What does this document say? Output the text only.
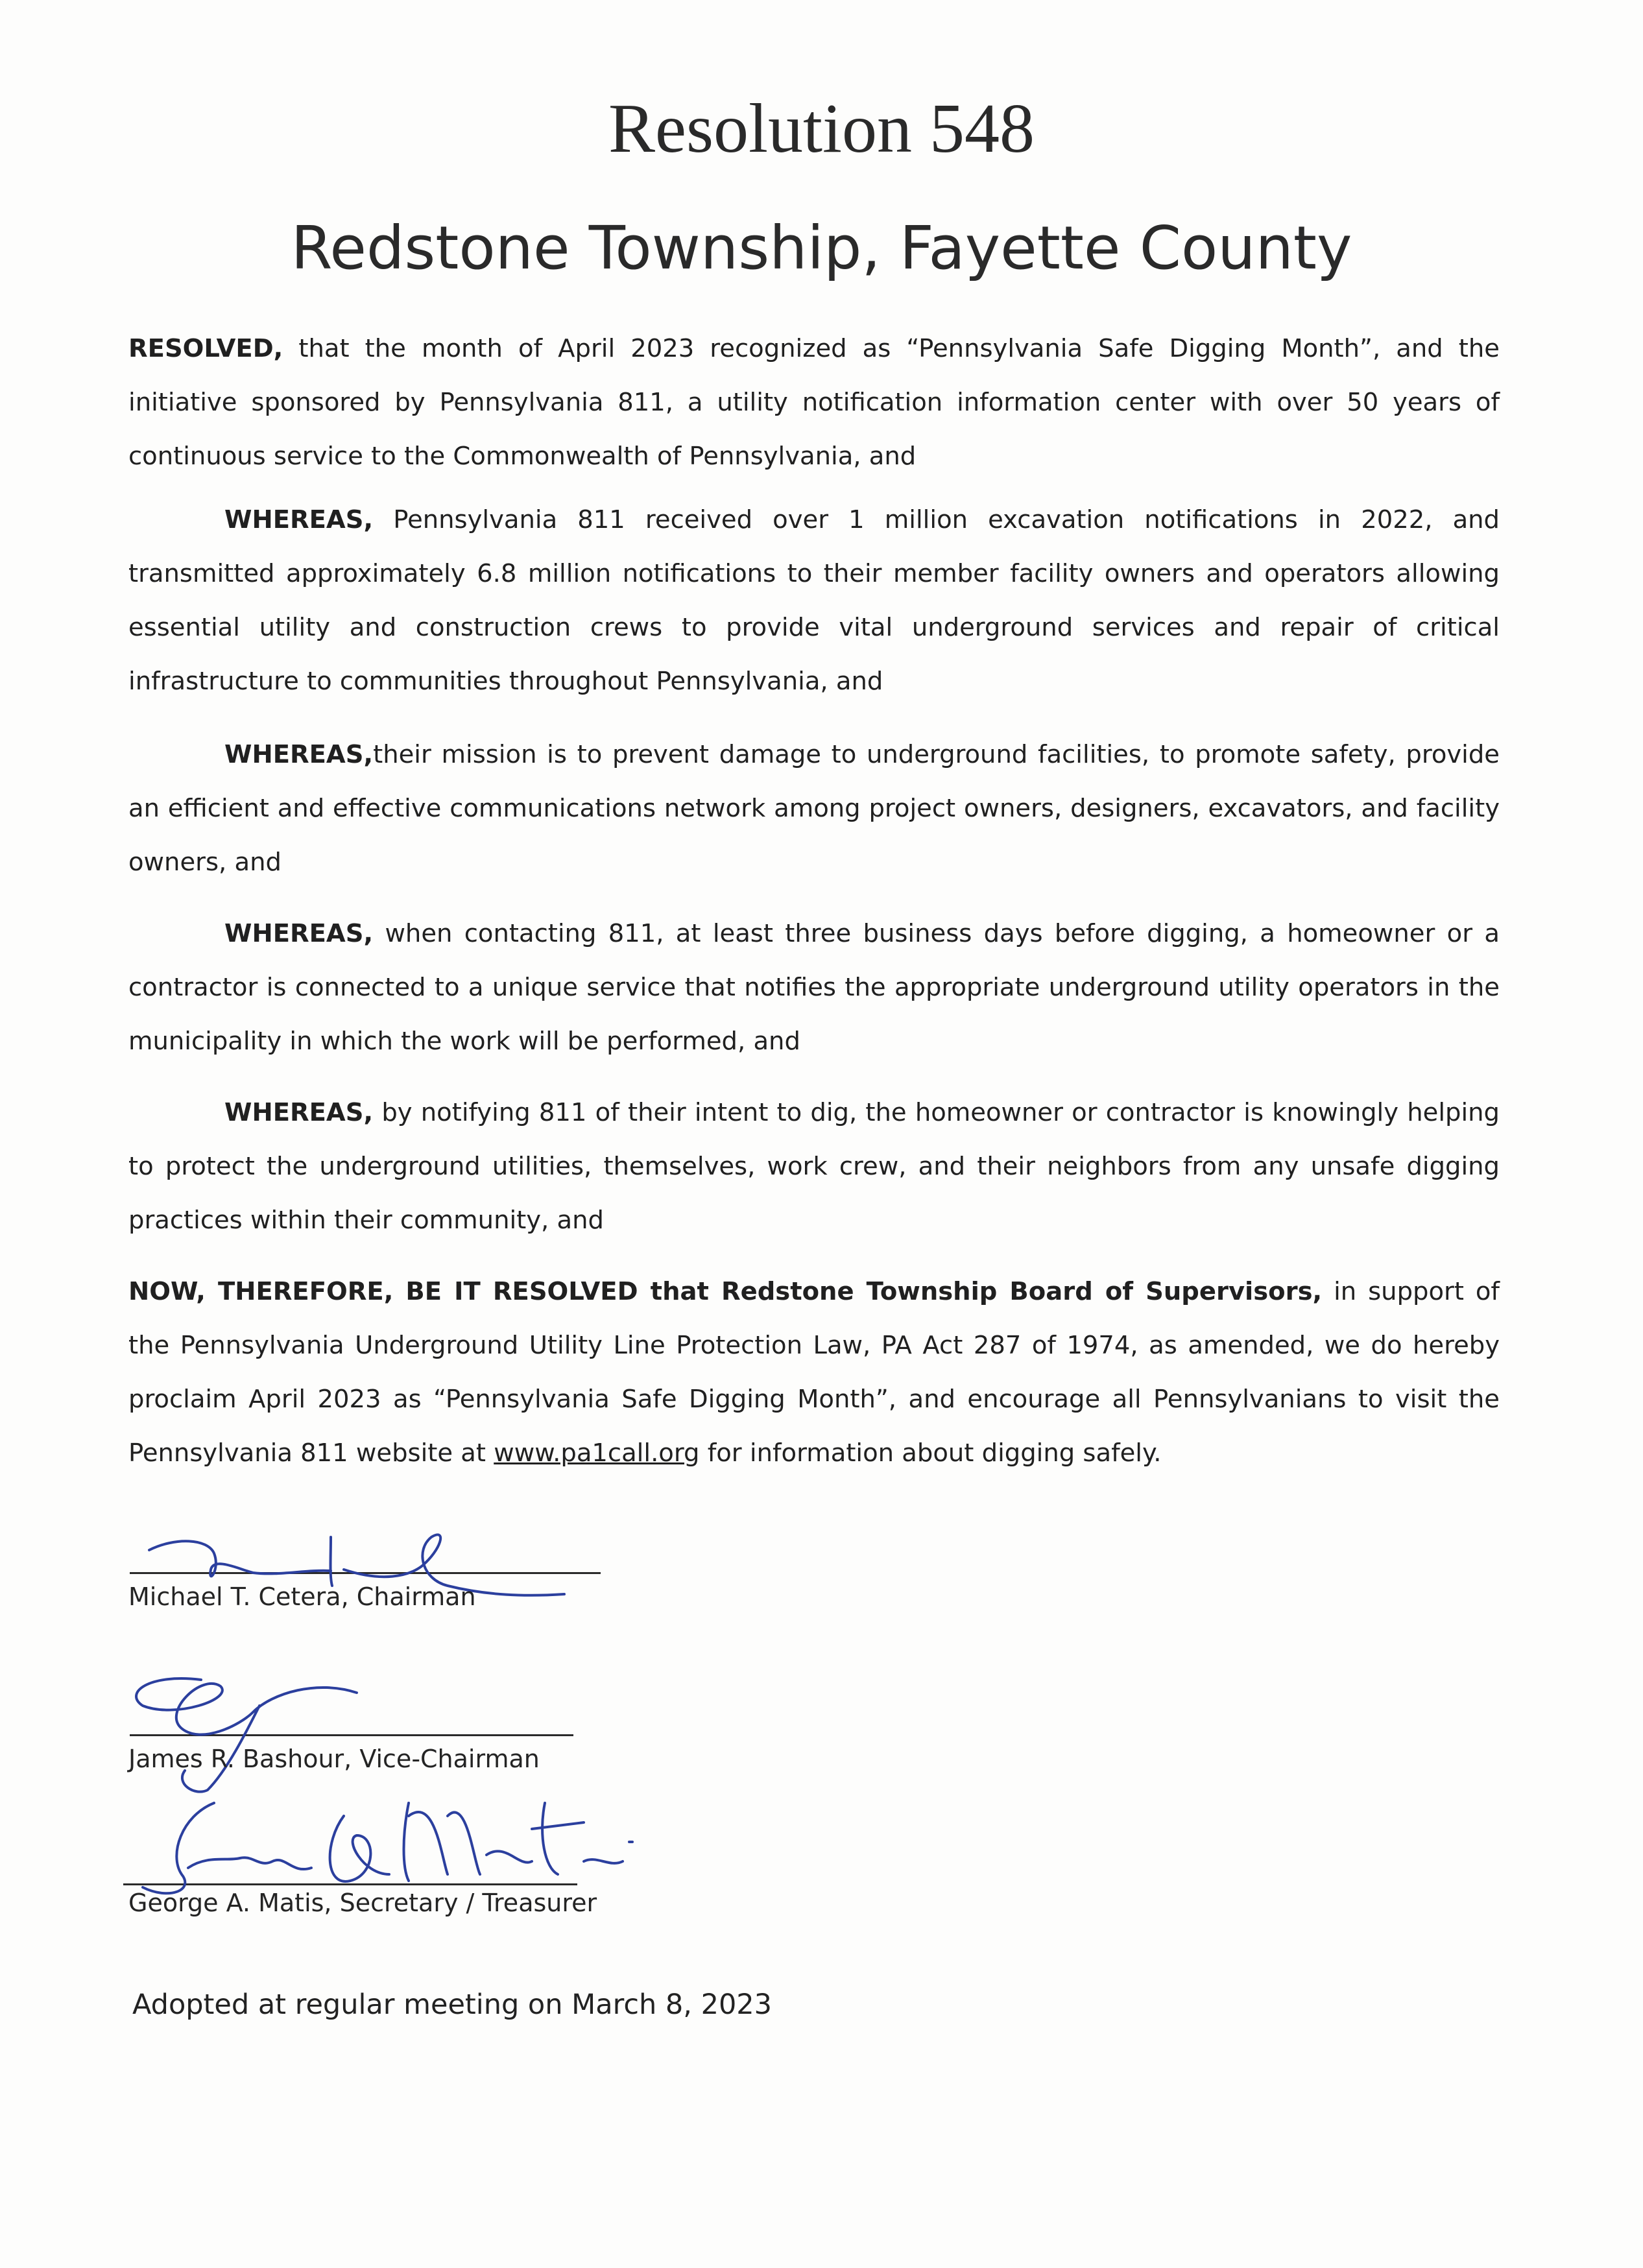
Resolution 548
Redstone Township, Fayette County

RESOLVED, that the month of April 2023 recognized as “Pennsylvania Safe Digging Month”, and the initiative sponsored by Pennsylvania 811, a utility notification information center with over 50 years of continuous service to the Commonwealth of Pennsylvania, and

WHEREAS, Pennsylvania 811 received over 1 million excavation notifications in 2022, and transmitted approximately 6.8 million notifications to their member facility owners and operators allowing essential utility and construction crews to provide vital underground services and repair of critical infrastructure to communities throughout Pennsylvania, and

WHEREAS,their mission is to prevent damage to underground facilities, to promote safety, provide an efficient and effective communications network among project owners, designers, excavators, and facility owners, and

WHEREAS, when contacting 811, at least three business days before digging, a homeowner or a contractor is connected to a unique service that notifies the appropriate underground utility operators in the municipality in which the work will be performed, and

WHEREAS, by notifying 811 of their intent to dig, the homeowner or contractor is knowingly helping to protect the underground utilities, themselves, work crew, and their neighbors from any unsafe digging practices within their community, and

NOW, THEREFORE, BE IT RESOLVED that Redstone Township Board of Supervisors, in support of the Pennsylvania Underground Utility Line Protection Law, PA Act 287 of 1974, as amended, we do hereby proclaim April 2023 as “Pennsylvania Safe Digging Month”, and encourage all Pennsylvanians to visit the Pennsylvania 811 website at www.pa1call.org for information about digging safely.

Michael T. Cetera, Chairman
James R. Bashour, Vice-Chairman
George A. Matis, Secretary / Treasurer
Adopted at regular meeting on March 8, 2023
